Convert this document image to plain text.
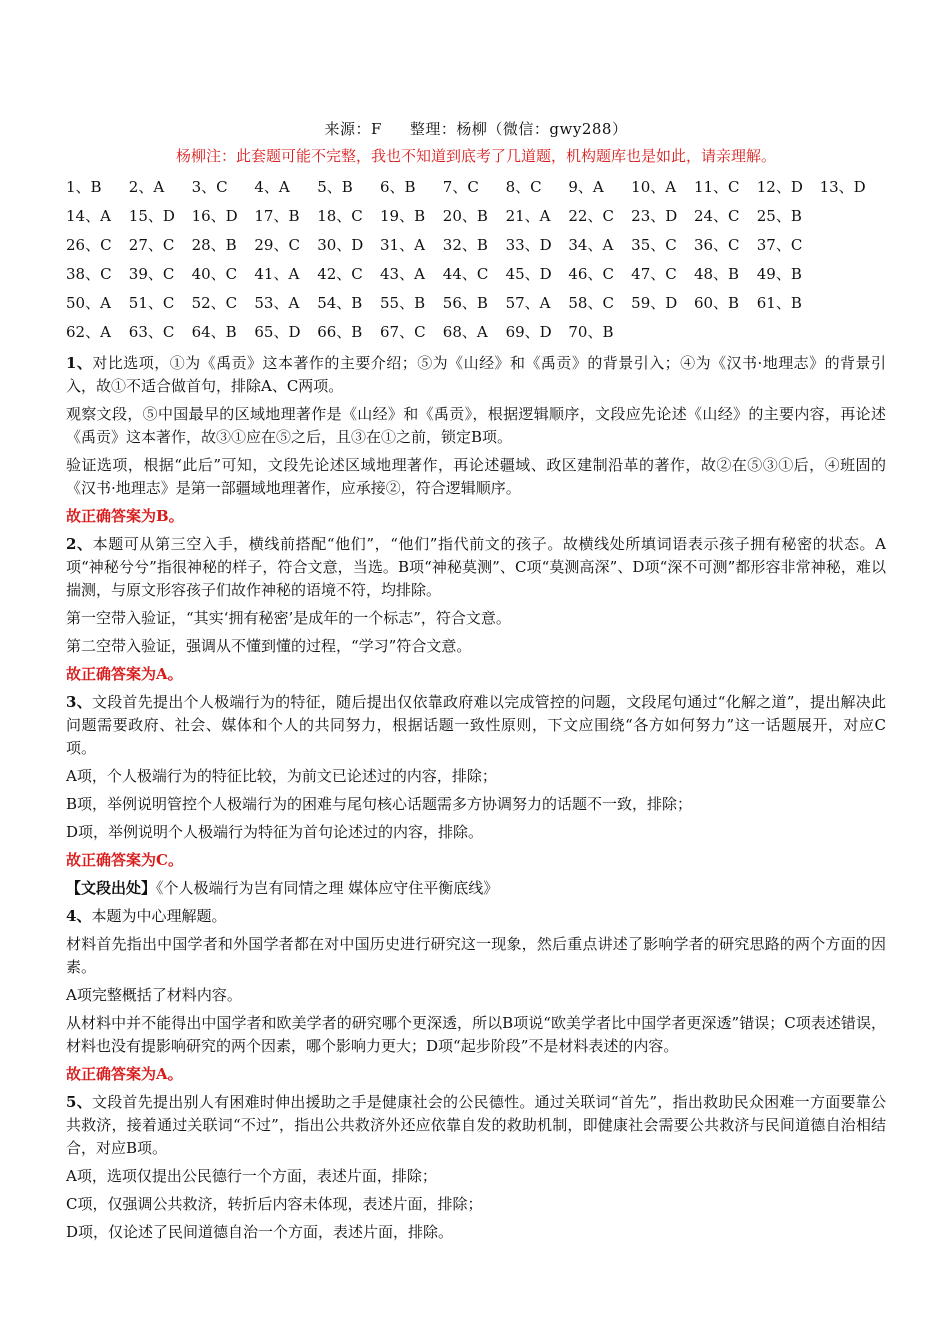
来源：F 整理：杨柳（微信：gwy288）
杨柳注：此套题可能不完整，我也不知道到底考了几道题，机构题库也是如此，请亲理解。
1、B	2、A	3、C	4、A	5、B	6、B	7、C	8、C	9、A	10、A	11、C	12、D	13、D
14、A	15、D	16、D	17、B	18、C	19、B	20、B	21、A	22、C	23、D	24、C	25、B
26、C	27、C	28、B	29、C	30、D	31、A	32、B	33、D	34、A	35、C	36、C	37、C
38、C	39、C	40、C	41、A	42、C	43、A	44、C	45、D	46、C	47、C	48、B	49、B
50、A	51、C	52、C	53、A	54、B	55、B	56、B	57、A	58、C	59、D	60、B	61、B
62、A	63、C	64、B	65、D	66、B	67、C	68、A	69、D	70、B

1、对比选项，①为《禹贡》这本著作的主要介绍；⑤为《山经》和《禹贡》的背景引入；④为《汉书·地理志》的背景引入，故①不适合做首句，排除A、C两项。

观察文段，⑤中国最早的区域地理著作是《山经》和《禹贡》，根据逻辑顺序，文段应先论述《山经》的主要内容，再论述《禹贡》这本著作，故③①应在⑤之后，且③在①之前，锁定B项。

验证选项，根据“此后”可知，文段先论述区域地理著作，再论述疆域、政区建制沿革的著作，故②在⑤③①后，④班固的《汉书·地理志》是第一部疆域地理著作，应承接②，符合逻辑顺序。

故正确答案为B。

2、本题可从第三空入手，横线前搭配“他们”，“他们”指代前文的孩子。故横线处所填词语表示孩子拥有秘密的状态。A项“神秘兮兮”指很神秘的样子，符合文意，当选。B项“神秘莫测”、C项“莫测高深”、D项“深不可测”都形容非常神秘，难以揣测，与原文形容孩子们故作神秘的语境不符，均排除。

第一空带入验证，“其实‘拥有秘密’是成年的一个标志”，符合文意。

第二空带入验证，强调从不懂到懂的过程，“学习”符合文意。

故正确答案为A。

3、文段首先提出个人极端行为的特征，随后提出仅依靠政府难以完成管控的问题，文段尾句通过“化解之道”，提出解决此问题需要政府、社会、媒体和个人的共同努力，根据话题一致性原则，下文应围绕“各方如何努力”这一话题展开，对应C项。

A项，个人极端行为的特征比较，为前文已论述过的内容，排除；

B项，举例说明管控个人极端行为的困难与尾句核心话题需多方协调努力的话题不一致，排除；

D项，举例说明个人极端行为特征为首句论述过的内容，排除。

故正确答案为C。

【文段出处】《个人极端行为岂有同情之理 媒体应守住平衡底线》

4、本题为中心理解题。

材料首先指出中国学者和外国学者都在对中国历史进行研究这一现象，然后重点讲述了影响学者的研究思路的两个方面的因素。

A项完整概括了材料内容。

从材料中并不能得出中国学者和欧美学者的研究哪个更深透，所以B项说“欧美学者比中国学者更深透”错误；C项表述错误，材料也没有提影响研究的两个因素，哪个影响力更大；D项“起步阶段”不是材料表述的内容。

故正确答案为A。

5、文段首先提出别人有困难时伸出援助之手是健康社会的公民德性。通过关联词“首先”，指出救助民众困难一方面要靠公共救济，接着通过关联词“不过”，指出公共救济外还应依靠自发的救助机制，即健康社会需要公共救济与民间道德自治相结合，对应B项。

A项，选项仅提出公民德行一个方面，表述片面，排除；

C项，仅强调公共救济，转折后内容未体现，表述片面，排除；

D项，仅论述了民间道德自治一个方面，表述片面，排除。
